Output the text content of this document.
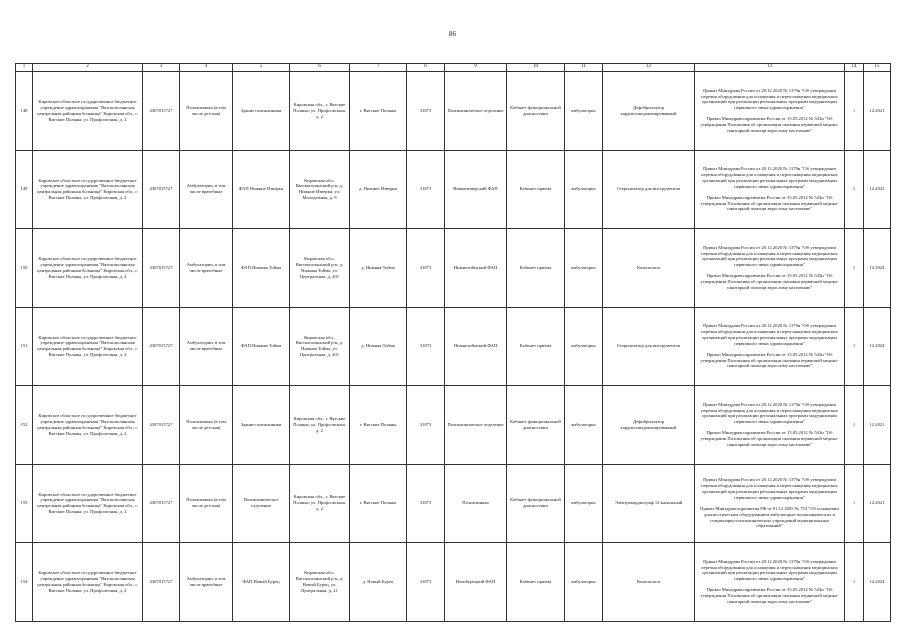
86
1	2	3	4	5	6	7	8	9	10	11	12	13	14	15
148	Кировское областное государственное бюджетное учреждение здравоохранения "Вятскополянская центральная районная больница" Кировская обл., г. Вятские Поляны, ул. Профсоюзная, д. 2	4307015727	Поликлиника (в том числе детская)	Здание поликлиники	Кировская обл., г. Вятские Поляны, ул. Профсоюзная, д. 2	г. Вятские Поляны	31873	Поликлиническое отделение	Кабинет функциональной диагностики	амбулаторно	Дефибриллятор кардиосинхронизированный	Приказ Минздрава России от 28.12.2020 № 1379н "Об утверждении перечня оборудования для оснащения и переоснащения медицинских организаций при реализации региональных программ модернизации первичного звена здравоохранения"
Приказ Минздравсоцразвития России от 15.05.2012 № 543н "Об утверждении Положения об организации оказания первичной медико-санитарной помощи взрослому населению"	1	12.2021
149	Кировское областное государственное бюджетное учреждение здравоохранения "Вятскополянская центральная районная больница" Кировская обл., г. Вятские Поляны, ул. Профсоюзная, д. 2	4307015727	Амбулатории, в том числе врачебные	ФАП Нижние Изверки	Кировская обл., Вятскополянский р-н, д. Нижние Изверки, ул. Молодежная, д. 9	д. Нижние Изверки	31873	Нижнеизверский ФАП	Кабинет приема	амбулаторно	Стерилизатор для инструментов	Приказ Минздрава России от 28.12.2020 № 1379н "Об утверждении перечня оборудования для оснащения и переоснащения медицинских организаций при реализации региональных программ модернизации первичного звена здравоохранения"
Приказ Минздравсоцразвития России от 15.05.2012 № 543н "Об утверждении Положения об организации оказания первичной медико-санитарной помощи взрослому населению"	1	12.2023
150	Кировское областное государственное бюджетное учреждение здравоохранения "Вятскополянская центральная районная больница" Кировская обл., г. Вятские Поляны, ул. Профсоюзная, д. 2	4307015727	Амбулатории, в том числе врачебные	ФАП Нижняя Тойма	Кировская обл., Вятскополянский р-н, д. Нижняя Тойма, ул. Центральная, д. 201	д. Нижняя Тойма	31873	Нижнетоймский ФАП	Кабинет приема	амбулаторно	Кольпоскоп	Приказ Минздрава России от 28.12.2020 № 1379н "Об утверждении перечня оборудования для оснащения и переоснащения медицинских организаций при реализации региональных программ модернизации первичного звена здравоохранения"
Приказ Минздравсоцразвития России от 15.05.2012 № 543н "Об утверждении Положения об организации оказания первичной медико-санитарной помощи взрослому населению"	1	12.2024
151	Кировское областное государственное бюджетное учреждение здравоохранения "Вятскополянская центральная районная больница" Кировская обл., г. Вятские Поляны, ул. Профсоюзная, д. 2	4307015727	Амбулатории, в том числе врачебные	ФАП Нижняя Тойма	Кировская обл., Вятскополянский р-н, д. Нижняя Тойма, ул. Центральная, д. 201	д. Нижняя Тойма	31873	Нижнетоймский ФАП	Кабинет приема	амбулаторно	Стерилизатор для инструментов	Приказ Минздрава России от 28.12.2020 № 1379н "Об утверждении перечня оборудования для оснащения и переоснащения медицинских организаций при реализации региональных программ модернизации первичного звена здравоохранения"
Приказ Минздравсоцразвития России от 15.05.2012 № 543н "Об утверждении Положения об организации оказания первичной медико-санитарной помощи взрослому населению"	1	12.2024
152	Кировское областное государственное бюджетное учреждение здравоохранения "Вятскополянская центральная районная больница" Кировская обл., г. Вятские Поляны, ул. Профсоюзная, д. 2	4307015727	Поликлиника (в том числе детская)	Здание поликлиники	Кировская обл., г. Вятские Поляны, ул. Профсоюзная, д. 2	г. Вятские Поляны	31873	Поликлиническое отделение	Кабинет функциональной диагностики	амбулаторно	Дефибриллятор кардиосинхронизированный	Приказ Минздрава России от 28.12.2020 № 1379н "Об утверждении перечня оборудования для оснащения и переоснащения медицинских организаций при реализации региональных программ модернизации первичного звена здравоохранения"
Приказ Минздравсоцразвития России от 15.05.2012 № 543н "Об утверждении Положения об организации оказания первичной медико-санитарной помощи взрослому населению"	1	12.2021
153	Кировское областное государственное бюджетное учреждение здравоохранения "Вятскополянская центральная районная больница" Кировская обл., г. Вятские Поляны, ул. Профсоюзная, д. 2	4307015727	Поликлиника (в том числе детская)	Поликлиническое отделение	Кировская обл., г. Вятские Поляны, ул. Профсоюзная, д. 2	г. Вятские Поляны	31873	Поликлиника	Кабинет функциональной диагностики	амбулаторно	Электрокардиограф 12-канальный	Приказ Минздрава России от 28.12.2020 № 1379н "Об утверждении перечня оборудования для оснащения и переоснащения медицинских организаций при реализации региональных программ модернизации первичного звена здравоохранения"
Приказ Минздравсоцразвития РФ от 01.12.2005 № 753 "Об оснащении диагностическим оборудованием амбулаторно-поликлинических и стационарно-поликлинических учреждений муниципальных образований"	1	12.2021
154	Кировское областное государственное бюджетное учреждение здравоохранения "Вятскополянская центральная районная больница" Кировская обл., г. Вятские Поляны, ул. Профсоюзная, д. 2	4307015727	Амбулатории, в том числе врачебные	ФАП Новый Бурец	Кировская обл., Вятскополянский р-н, д. Новый Бурец, ул. Центральная, д. 21	д. Новый Бурец	31873	Новобурецкий ФАП	Кабинет приема	амбулаторно	Кольпоскоп	Приказ Минздрава России от 28.12.2020 № 1379н "Об утверждении перечня оборудования для оснащения и переоснащения медицинских организаций при реализации региональных программ модернизации первичного звена здравоохранения"
Приказ Минздравсоцразвития России от 15.05.2012 № 543н "Об утверждении Положения об организации оказания первичной медико-санитарной помощи взрослому населению"	1	12.2024
